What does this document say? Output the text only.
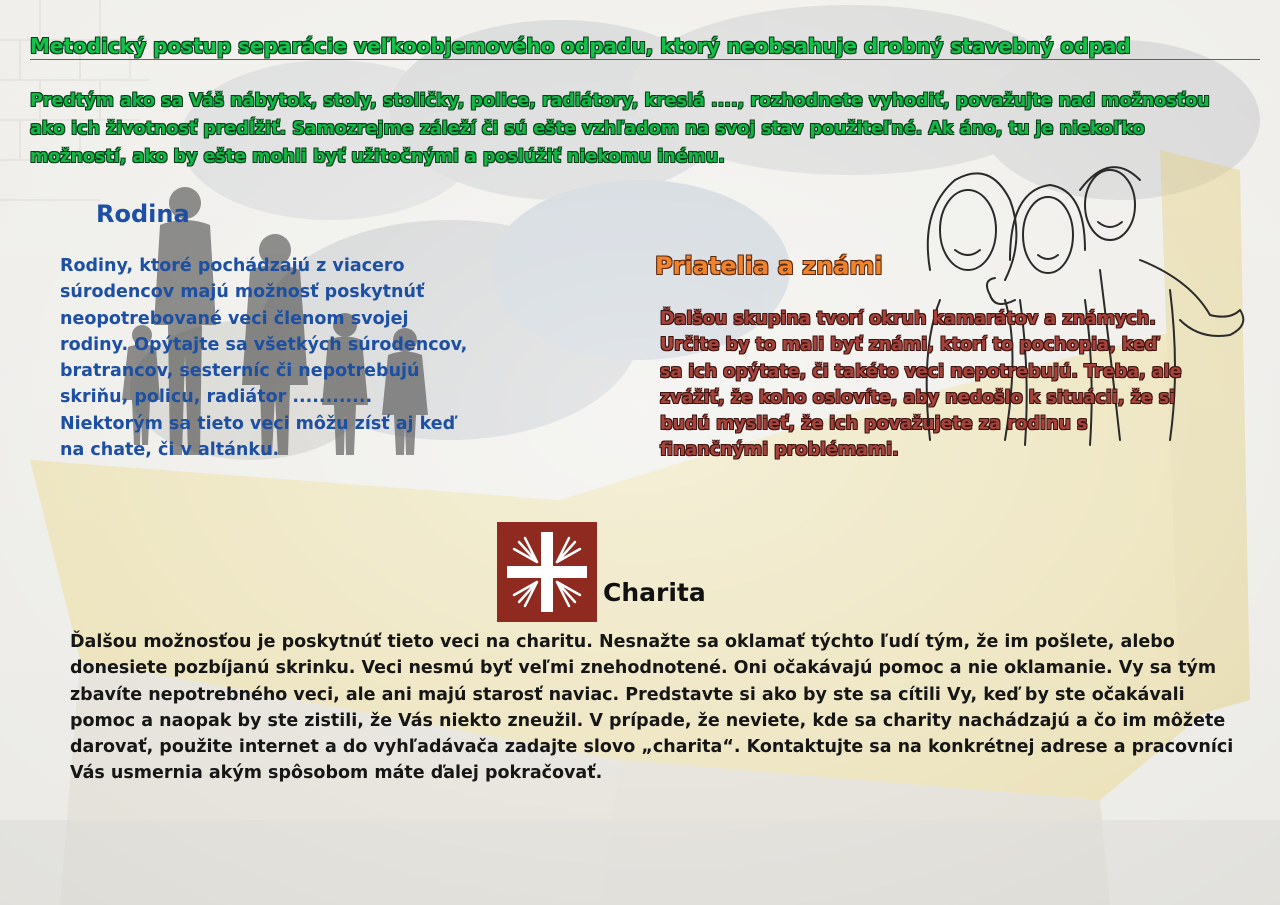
Metodický postup separácie veľkoobjemového odpadu, ktorý neobsahuje drobný stavebný odpad

Predtým ako sa Váš nábytok, stoly, stoličky, police, radiátory, kreslá ...., rozhodnete vyhodiť, považujte nad možnosťou ako ich životnosť predĺžiť. Samozrejme záleží či sú ešte vzhľadom na svoj stav použiteľné. Ak áno, tu je niekoľko možností, ako by ešte mohli byť užitočnými a poslúžiť niekomu inému.

Rodina

Rodiny, ktoré pochádzajú z viacero súrodencov majú možnosť poskytnúť neopotrebované veci členom svojej rodiny. Opýtajte sa všetkých súrodencov, bratrancov, sesterníc či nepotrebujú skriňu, policu, radiátor ............ Niektorým sa tieto veci môžu zísť aj keď na chate, či v altánku.

Priatelia a známi

Ďalšou skupina tvorí okruh kamarátov a známych. Určite by to mali byť známi, ktorí to pochopia, keď sa ich opýtate, či takéto veci nepotrebujú. Treba, ale zvážiť, že koho oslovíte, aby nedošlo k situácii, že si budú myslieť, že ich považujete za rodinu s finančnými problémami.

Charita

Ďalšou možnosťou je poskytnúť tieto veci na charitu. Nesnažte sa oklamať týchto ľudí tým, že im pošlete, alebo donesiete pozbíjanú skrinku. Veci nesmú byť veľmi znehodnotené. Oni očakávajú pomoc a nie oklamanie. Vy sa tým zbavíte nepotrebného veci, ale ani majú starosť naviac. Predstavte si ako by ste sa cítili Vy, keď by ste očakávali pomoc a naopak by ste zistili, že Vás niekto zneužil. V prípade, že neviete, kde sa charity nachádzajú a čo im môžete darovať, použite internet a do vyhľadávača zadajte slovo „charita“. Kontaktujte sa na konkrétnej adrese a pracovníci Vás usmernia akým spôsobom máte ďalej pokračovať.
